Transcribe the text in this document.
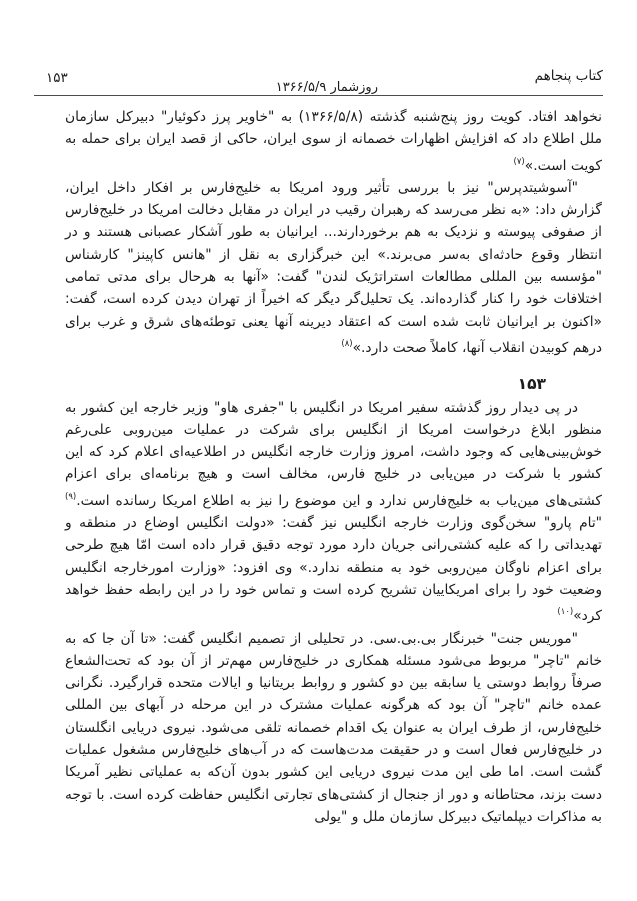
کتاب پنجاهم
۱۵۳
روزشمار ۱۳۶۶/۵/۹

نخواهد افتاد. کویت روز پنج‌شنبه گذشته (۱۳۶۶/۵/۸) به "خاویر پرز دکوئیار" دبیرکل سازمان ملل اطلاع داد که افزایش اظهارات خصمانه از سوی ایران، حاکی از قصد ایران برای حمله به کویت است.»$^{(۷)}$

"آسوشیتدپرس" نیز با بررسی تأثیر ورود امریکا به خلیج‌فارس بر افکار داخل ایران، گزارش داد: «به نظر می‌رسد که رهبران رقیب در ایران در مقابل دخالت امریکا در خلیج‌فارس از صفوفی پیوسته و نزدیک به هم برخوردارند... ایرانیان به طور آشکار عصبانی هستند و در انتظار وقوع حادثه‌ای به‌سر می‌برند.» این خبرگزاری به نقل از "هانس کاپینز" کارشناس "مؤسسه بین المللی مطالعات استراتژیک لندن" گفت: «آنها به هرحال برای مدتی تمامی اختلافات خود را کنار گذارده‌اند. یک تحلیل‌گر دیگر که اخیراً از تهران دیدن کرده است، گفت: «اکنون بر ایرانیان ثابت شده است که اعتقاد دیرینه آنها یعنی توطئه‌های شرق و غرب برای درهم کوبیدن انقلاب آنها، کاملاً صحت دارد.»$^{(۸)}$

۱۵۳

در پی دیدار روز گذشته سفیر امریکا در انگلیس با "جفری هاو" وزیر خارجه این کشور به منظور ابلاغ درخواست امریکا از انگلیس برای شرکت در عملیات مین‌روبی علی‌رغم خوش‌بینی‌هایی که وجود داشت، امروز وزارت خارجه انگلیس در اطلاعیه‌ای اعلام کرد که این کشور با شرکت در مین‌یابی در خلیج فارس، مخالف است و هیچ برنامه‌ای برای اعزام کشتی‌های مین‌یاب به خلیج‌فارس ندارد و این موضوع را نیز به اطلاع امریکا رسانده است.$^{(۹)}$ "تام پارو" سخن‌گوی وزارت خارجه انگلیس نیز گفت: «دولت انگلیس اوضاع در منطقه و تهدیداتی را که علیه کشتی‌رانی جریان دارد مورد توجه دقیق قرار داده است امّا هیچ طرحی برای اعزام ناوگان مین‌روبی خود به منطقه ندارد.» وی افزود: «وزارت امورخارجه انگلیس وضعیت خود را برای امریکاییان تشریح کرده است و تماس خود را در این رابطه حفظ خواهد کرد»$^{(۱۰)}$

"موریس جنت" خبرنگار بی.بی.سی. در تحلیلی از تصمیم انگلیس گفت: «تا آن جا که به خانم "تاچر" مربوط می‌شود مسئله همکاری در خلیج‌فارس مهم‌تر از آن بود که تحت‌الشعاع صرفاً روابط دوستی یا سابقه بین دو کشور و روابط بریتانیا و ایالات متحده قرارگیرد. نگرانی عمده خانم "تاچر" آن بود که هرگونه عملیات مشترک در این مرحله در آبهای بین المللی خلیج‌فارس، از طرف ایران به عنوان یک اقدام خصمانه تلقی می‌شود. نیروی دریایی انگلستان در خلیج‌فارس فعال است و در حقیقت مدت‌هاست که در آب‌های خلیج‌فارس مشغول عملیات گشت است. اما طی این مدت نیروی دریایی این کشور بدون آن‌که به عملیاتی نظیر آمریکا دست بزند، محتاطانه و دور از جنجال از کشتی‌های تجارتی انگلیس حفاظت کرده است. با توجه به مذاکرات دیپلماتیک دبیرکل سازمان ملل و "یولی
